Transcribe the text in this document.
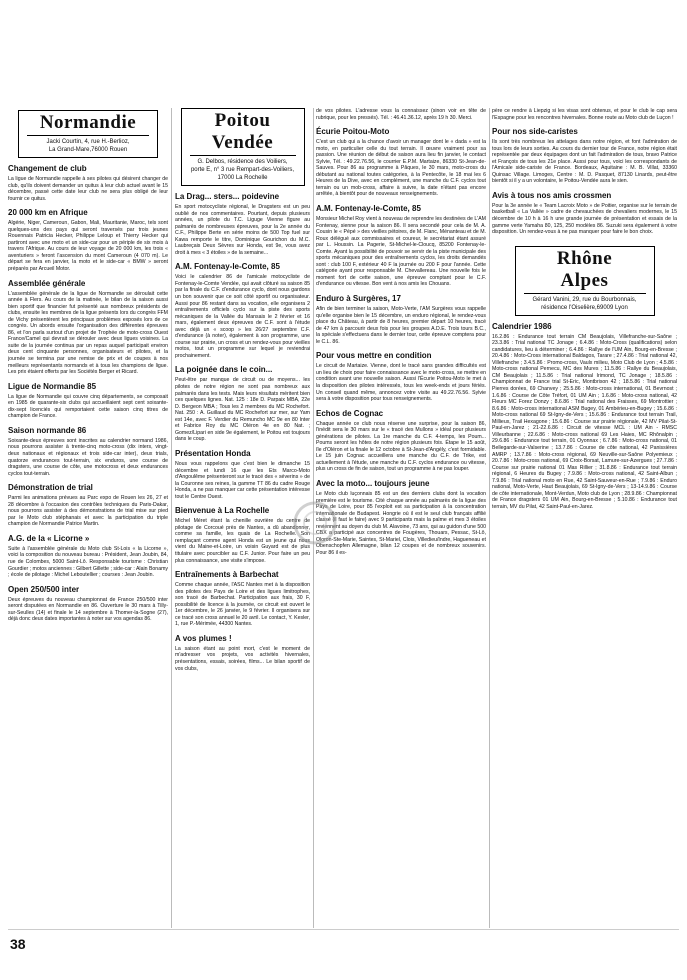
Normandie
Jacki Courtin, 4, rue H.-Berlioz,
La Grand-Mare,76000 Rouen
Changement de club

La ligue de Normandie rappelle à ses pilotes qui désirent changer de club, qu'ils doivent demander un quitus à leur club actuel avant le 15 décembre, passé cette date leur club ne sera plus obligé de leur fournir ce quitus.

20 000 km en Afrique

Algérie, Niger, Cameroun, Gabon, Mali, Mauritanie, Maroc, tels sont quelques-uns des pays qui seront traversés par trois jeunes Rouennais Patricia Hecker, Philippe Leloup et Thierry Hecker qui partiront avec une moto et un side-car pour un périple de six mois à travers l'Afrique. Au cours de leur voyage de 20 000 km, les trois « aventuriers » feront l'ascension du mont Cameroun (4 070 m). Le départ se fera en janvier, la moto et le side-car « BMW » seront préparés par Arcueil Motor.

Assemblée générale

L'assemblée générale de la ligue de Normandie se déroulait cette année à Flers. Au cours de la matinée, le bilan de la saison aussi bien sportif que financier fut présenté aux nombreux présidents de clubs, ensuite les membres de la ligue présents lors du congrès FFM de Vichy présentèrent les principaux problèmes exposés lors de ce congrès. Un abords ensuite l'organisation des différentes épreuves 86, et l'on parla surtout d'un projet de Trophée de moto-cross Ouest France/Camel qui devrait se dérouler avec deux ligues voisines. La suite de la journée continua par un repas auquel participait environ deux cent cinquante personnes, organisateurs et pilotes, et la journée se termina par une remise de prix et de coupes à nos meilleurs représentants normands et à tous les champions de ligue. Les prix étaient offerts par les Sociétés Berger et Ricard.

Ligue de Normandie 85

La ligue de Normandie qui couvre cinq départements, se composait en 1985 de quarante-six clubs qui accueillaient sept cent soixante-dix-sept licenciés qui remportaient cette saison cinq titres de champion de France.

Saison normande 86

Soixante-deux épreuves sont inscrites au calendrier normand 1986, nous pourrons assister à trente-cinq moto-cross (dix inters, vingt-deux nationaux et régionaux et trois side-car inter), deux trials, quatorze endurances tout-terrain, six enduros, une course de dragsters, une course de côte, une motocross et deux endurances cyclos tout-terrain.

Démonstration de trial

Parmi les animations prévues au Parc expo de Rouen les 26, 27 et 28 décembre à l'occasion des contrôles techniques du Paris-Dakar, nous pourrons assister à des démonstrations de trial mise sur pied par le Moto club stéphanais et avec la participation du triple champion de Normandie Patrice Martin.

A.G. de la « Licorne »

Suite à l'assemblée générale du Moto club St-Lois « la Licorne », voici la composition du nouveau bureau : Président, Jean Joubin, 84, rue de Colombes, 5000 Saint-Lô. Responsable tourisme : Christian Gourdier ; motos anciennes : Gilbert Gillette ; side-car : Alain Bonamy ; école de pilotage : Michel Leboutellier ; courses : Jean Joubin.

Open 250/500 inter

Deux épreuves du nouveau championnat de France 250/500 inter seront disputées en Normandie en 86. Ouverture le 30 mars à Tilly-sur-Seulles (14) et finale le 14 septembre à Thomer-la-Sogne (27), déjà donc deux dates importantes à noter sur vos agendas 86.

Poitou
Vendée
G. Delbos, résidence des Voiliers,
porte E, n° 3 rue Rempart-des-Voiliers,
17000 La Rochelle
La Drag... sters... poidevine

En sport motocycliste régional, le Dragsters est un peu oublié de nos commentaires. Pourtant, depuis plusieurs années, un pilote du T.C. Liguge Vienne figure au palmarès de nombreuses épreuves, pour la 2e année du C.F., Philippe Berte en série moins de 500 Top fuel sur Kawa remporte le titre, Dominique Gourichon du M.C. Laubreçais Deux Sèvres sur Honda, est 9e, vous avez droit à mes « 3 étoiles » de la semaine...

A.M. Fontenay-le-Comte, 85

Voici le calendrier 86 de l'amicale motocycliste de Fontenay-le-Comte Vendée, qui avait clôturé sa saison 85 par la finale du C.F. d'endurance cyclo, dont nous gardons un bon souvenir que ce soit côté sportif ou organisateur. Aussi pour 86 restant dans sa vocation, elle organisera 2 entraînements officiels cyclo sur la piste des sports mécaniques de la Vallée du Mansais le 2 février et 16 mars, également deux épreuves de C.F. sont à l'étude avec déjà un « scoop » les 26/27 septembre C.F. d'endurance (à noter), également à son programme, une course sur prairie, un cross et un rendez-vous pour vieilles motos, tout un programme sur lequel je reviendrai prochainement.

La poignée dans le coin...

Peut-être par manque de circuit ou de moyens... les pilotes de notre région ne sont pas nombreux aux palmarès dans les tests. Mais leurs résultats méritent bien ces quelques lignes. Nat. 125 : 18e D. Parpaix MBA, 22e D. Bergeon MBA ; Tous les 2 membres du MC Rochefort. Nat. 250 : A. Guillaud du MC Rochefort sur mer, sur Yam est 14e, avec F. Verdier du Remuncho MC 9e en 80 Inter et Fabrice Roy du MC Oléron 4e en 80 Nat. ; Gomez/Lipari en side 9e également, le Poitou est toujours dans le coup.

Présentation Honda

Nous vous rappelons que c'est bien le dimanche 15 décembre et lundi 16 que les Ets Marco-Moto d'Angoulême présenteront sur le tracé des « séverins » de la Couronne ses reines, la gamme TT 86 du cadre Rouge Honda, a ne pas manquer car cette présentation intéresse tout le Centre Ouest.

Bienvenue à La Rochelle

Michel Méret étant la chenille ouvrière du centre de pilotage de Corcoué près de Nantes, a dû abandonner, comme sa famille, les quais de La Rochelle. Son remplaçant comme agent Honda est un jeune qui nous vient du Maine-et-Loire, un voisin Guyard est de plus titulaire avec pourcibler au C.F. Junior. Pour faire un peu plus connaissance, une visite s'impose.

Entraînements à Barbechat

Comme chaque année, l'ASC Nantes met à la disposition des pilotes des Pays de Loire et des ligues limitrophes, son tracé de Barbechat. Participation aux frais, 30 F, possibilité de licence à la journée, ce circuit est ouvert le 1er décembre, le 26 janvier, le 9 février. Il organisera sur ce tracé son cross annuel le 20 avril. Le contact, Y. Kesler, 1, rue P.-Mérimée, 44300 Nantes.

A vos plumes !

La saison étant au point mort, c'est le moment de m'adresser vos projets, vos activités hivernales, présentations, essais, soirées, films... Le bilan sportif de vos clubs,

de vos pilotes. L'adresse vous la connaissez (sinon voir en tête de rubrique, pour les pressés). Tél. : 46.41.36.12, après 19 h 30. Merci.

Écurie Poitou-Moto

C'est un club qui a la chance d'avoir un manager dont le « dada » est la moto, en particulier celle du tout terrain. Il œuvre vraiment pour sa passion. Une réunion de début de saison aura lieu fin janvier, le contact Sylvie, Tél. : 49.22.76.56, le courrier E.P.M. Martaize, 86330 St-Jean-de-Sauves. Pour 86 au programme à Pâques, le 30 mars, moto-cross du débutant au national toutes catégories, à la Pentecôte, le 18 mai les 6 Heures de la Dive, avec en complément, une manche du C.F. cyclos tout terrain ou un mob-cross, affaire à suivre, la date n'étant pas encore arrêtée, à bientôt pour de nouveaux renseignements.

A.M. Fontenay-le-Comte, 85

Monsieur Michel Roy vient à nouveau de reprendre les destinées de L'AM Fontenay, sienne pour la saison 86. Il sera secondé pour cela de M. A. Cousin le « Pépé » des vieilles pétoires, de M. Flanc, Ménanteau et de M. Roux délégué aux commissaires et coureur, le secrétariat étant assuré par L. Houssin. La Pagerie, St-Michel-le-Cloucq, 85200 Fontenay-le-Comte. Ayant la possibilité de pouvoir se servir de la piste municipale des sports mécaniques pour des entraînements cyclos, les droits demandés sont : club 100 F, extérieur 40 F la journée ou 200 F pour l'année. Cette catégorie ayant pour responsable M. Chevallereau. Une nouvelle fois le moment fort de cette saison, une épreuve comptant pour le C.F. d'endurance ou vitesse. Bon vent à nos amis les Chouans.

Enduro à Surgères, 17

Afin de bien terminer la saison, Moto-Verte, l'AM Surgères vous rappelle qu'elle organise bien le 15 décembre, un enduro régional, le rendez-vous place du Château, à partir de 8 heures, premier départ 10 heures, tracé de 47 km à parcourir deux fois pour les groupes A.D.E. Trois tours B.C., la spéciale s'effectuera dans le dernier tour, cette épreuve comptera pour le C.L. 86.

Pour vous mettre en condition

Le circuit de Martaize. Vienne, dont le tracé sans grandes difficultés est un lieu de choix pour faire connaissance avec le moto-cross, se mettre en condition avant une nouvelle saison. Aussi l'Écurie Poitou-Moto le met à la disposition des pilotes intéressés, tous les week-ends et jours fériés. Un conseil quand même, annoncez votre visite au 49.22.76.56. Sylvie sera à votre disposition pour tous renseignements.

Echos de Cognac

Chaque année ce club nous réserve une surprise, pour la saison 86, l'inédit sera le 30 mars sur le « tracé des Mullons » idéal pour plusieurs générations de pilotes. La 1re manche du C.F. 4-temps, les Poum... Poums seront les hôtes de notre région plusieurs fois. Étape le 15 août, île d'Oléron et la finale le 12 octobre à St-Jean-d'Angély, c'est formidable. Le 15 juin Cognac accueillera une manche du C.F. de Trike, est actuellement à l'étude, une manche du C.F. cyclos endurance ou vitesse, plus un cross de fin de saison, tout un programme à ne pas louper.

Avec la moto... toujours jeune

Le Moto club luçonnais 85 est un des derniers clubs dont la vocation première est le tourisme. Cité chaque année au palmarès de la ligue des Pays de Loire, pour 85 l'exploit est sa participation à la concentration internationale de Budapest. Hongrie où il est le seul club français affilié classé (il faut le faire) avec 9 participants mais la palme et mes 3 étoiles reviennent au doyen du club M. Alavoine, 73 ans, qui au guidon d'une 500 CBX a participé aux concentres de Fougères, Thouars, Pessac, St-Lô, Oloron-Ste-Marie, Saintes, St-Mariel, Clois, Villedieu/Indre, Hagueneau et Obenschopfen Allemagne, bilan 12 coupes et de nombreux souvenirs. Pour 86 il es-

père ce rendre à Liepzig si les visas sont obtenus, et pour le club le cap sera l'Espagne pour les rencontres hivernales. Bonne route au Moto club de Luçon !

Pour nos side-caristes

Ils sont très nombreux les attelages dans notre région, et font l'admiration de tous lors de leurs sorties. Au cours du dernier tour de France, notre région était représentée par deux équipages dont un fait l'admiration de tous, bravo Patrice et François de tous les 21e place. Aussi pour tous, voici les correspondants de l'Amicale side-cariste de France. Bordeaux, Aquitaine : M. B. Villat, 33360 Quinsac Village. Limoges, Centre : M. D. Pasquet, 87130 Linards, peut-être bientôt si il y a un volontaire, le Poitou-Vendée aura le sien.

Avis à tous nos amis crossmen

Pour la 3e année le « Team Lacroix Moto » de Poitier, organise sur le terrain de basketball « La Vallée » cadre de chevauchées de chevaliers modernes, le 15 décembre de 10 h à 16 h une grande journée de présentation et essais de la gamme verte Yamaha 80, 125, 250 modèles 86. Suzuki sera également à votre disposition. Un rendez-vous à ne pas manquer pour faire le bon choix.

Rhône
Alpes
Gérard Vanini, 29, rue du Bourbonnais,
résidence l'Oiselière,69009 Lyon
Calendrier 1986

16.2.86 : Endurance tout terrain CM Beaujolais, Villefranche-sur-Saône ; 23.3.86 : Trial national TC Jonage ; 6.4.86 : Moto-Cross (qualifications) selon candidatures, lieu à déterminer ; 6.4.86 : Rallye de l'UM Ain, Bourg-en-Bresse ; 20.4.86 : Moto-Cross international Baldagos, Tarare ; 27.4.86 : Trial national 42, Villefranche ; 3.4.5.86 : Promo-cross, Vaulx milieu, Moto Club de Lyon ; 4.5.86 : Moto-cross national Pernecu, MC des Mures ; 11.5.86 : Rallye du Beaujolais, CM Beaujolais ; 11.5.86 : Trial national Irimond, TC Jonage ; 18.5.86 : Championnat de France trial St-Eric, Montbrison 42 ; 18.5.86 : Trial national Pierres dorées, 69 Chanvey ; 25.5.86 : Moto-cross international, 01 Bevrnost ; 1.6.86 : Course de Côte Tréfort, 01 UM Ain ; 1.6.86 : Moto-cross national, 42 Fleurs MC Forez Donzy ; 8.6.86 : Trial national des Fraisses, 69 Montrottier ; 8.6.86 : Moto-cross international ASM Bugey, 01 Ambérieu-en-Bugey ; 15.6.86 : Moto-cross national 69 St-Igny-de-Vers ; 15.6.86 : Endurance tout terrain Trail, Millieux, Trail Hexagone ; 15.6.86 : Course sur prairie régionale, 42 MV Pilat-St-Paul-en-Jarez ; 21-22.6.86 : Circuit de vitesse MCL : UM Ain - RMSC Villeurbanne ; 22.6.86 : Moto-cross national 69 Les Haies, MC Rhônalpin ; 29.6.86 : Endurance tout terrain, 01 Oyonnax ; 6.7.86 : Moto-cross national, 01 Bellegarde-sur-Valserine ; 13.7.86 : Course de côte national, 42 Panissières AMRP ; 13.7.86 : Moto-cross régional, 69 Neuville-sur-Saône Polyemieux ; 20.7.86 : Moto-cross national, 69 Croix-Borsat, Lamure-sur-Azergues ; 27.7.86 : Course sur prairie national 01 Mas Rillier ; 31.8.86 : Endurance tout terrain régional, 6 Heures du Bugey ; 7.9.86 : Moto-cross national, 42 Saint-Albun ; 7.9.86 : Trial national moto en Rue, 42 Saint-Sauveur-en-Rue ; 7.9.86 : Enduro national, Moto-Verte, Haut Beaujolais, 69 St-Igny-de-Vers ; 13-14.9.86 : Course de côte internationale, Mont-Verdun, Moto club de Lyon ; 28.9.86 : Championnat de France dragsters 01 UM Ain, Bourg-en-Bresse ; 5.10.86 : Endurance tout terrain, MV du Pilat, 42 Saint-Paul-en-Jarez.

38
